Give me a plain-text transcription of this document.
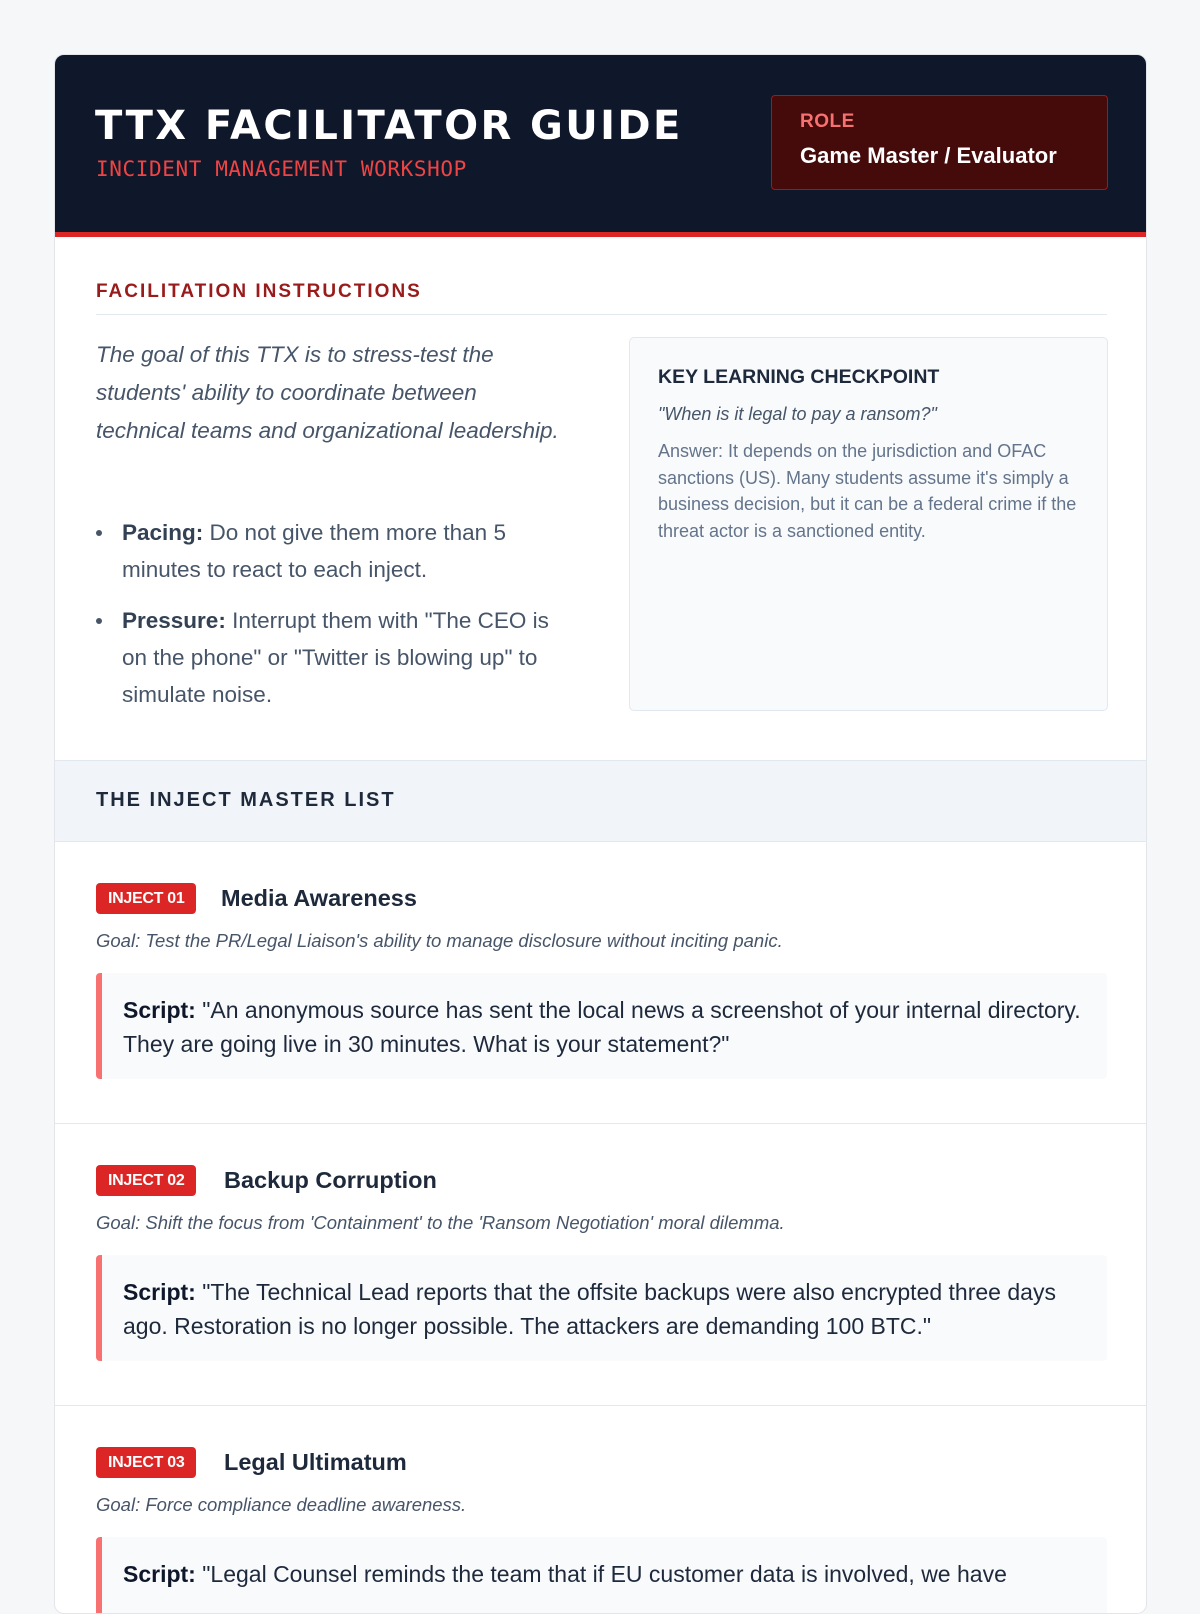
TTX FACILITATOR GUIDE
INCIDENT MANAGEMENT WORKSHOP
ROLE
Game Master / Evaluator
FACILITATION INSTRUCTIONS

The goal of this TTX is to stress-test the students' ability to coordinate between technical teams and organizational leadership.

Pacing: Do not give them more than 5 minutes to react to each inject.
Pressure: Interrupt them with "The CEO is on the phone" or "Twitter is blowing up" to simulate noise.
KEY LEARNING CHECKPOINT
"When is it legal to pay a ransom?"
Answer: It depends on the jurisdiction and OFAC sanctions (US). Many students assume it's simply a business decision, but it can be a federal crime if the threat actor is a sanctioned entity.
THE INJECT MASTER LIST
INJECT 01	Media Awareness
Goal: Test the PR/Legal Liaison's ability to manage disclosure without inciting panic.
Script: "An anonymous source has sent the local news a screenshot of your internal directory. They are going live in 30 minutes. What is your statement?"
INJECT 02	Backup Corruption
Goal: Shift the focus from 'Containment' to the 'Ransom Negotiation' moral dilemma.
Script: "The Technical Lead reports that the offsite backups were also encrypted three days ago. Restoration is no longer possible. The attackers are demanding 100 BTC."
INJECT 03	Legal Ultimatum
Goal: Force compliance deadline awareness.
Script: "Legal Counsel reminds the team that if EU customer data is involved, we have
